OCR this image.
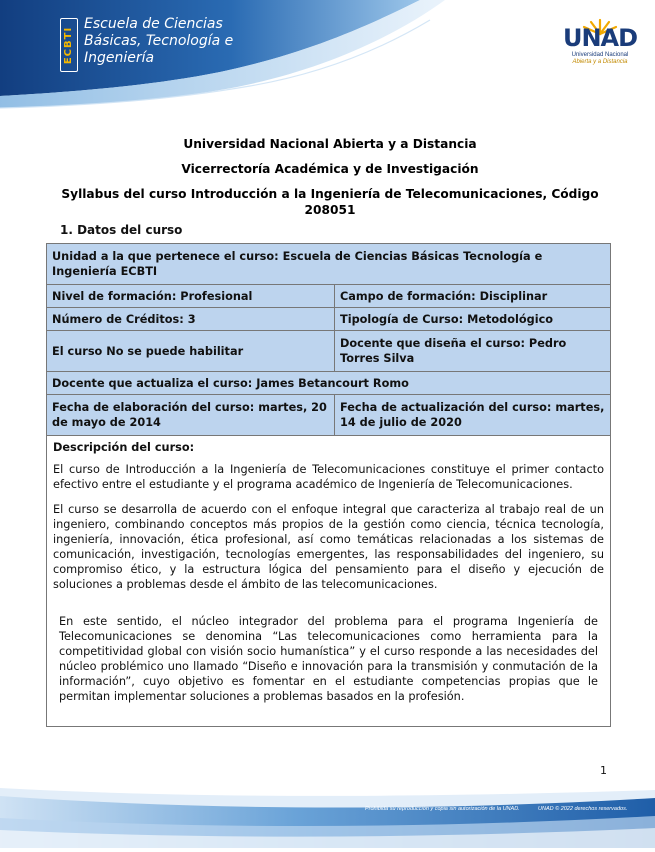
ECBTI
Escuela de Ciencias
Básicas, Tecnología e
Ingeniería
UNAD
Universidad Nacional
Abierta y a Distancia
Universidad Nacional Abierta y a Distancia
Vicerrectoría Académica y de Investigación
Syllabus del curso Introducción a la Ingeniería de Telecomunicaciones, Código 208051
1. Datos del curso
Unidad a la que pertenece el curso: Escuela de Ciencias Básicas Tecnología e Ingeniería ECBTI	
Nivel de formación: Profesional	Campo de formación: Disciplinar
Número de Créditos: 3	Tipología de Curso: Metodológico
El curso No se puede habilitar	Docente que diseña el curso: Pedro Torres Silva
Docente que actualiza el curso: James Betancourt Romo	
Fecha de elaboración del curso: martes, 20 de mayo de 2014	Fecha de actualización del curso: martes, 14 de julio de 2020

Descripción del curso:

El curso de Introducción a la Ingeniería de Telecomunicaciones constituye el primer contacto efectivo entre el estudiante y el programa académico de Ingeniería de Telecomunicaciones.

El curso se desarrolla de acuerdo con el enfoque integral que caracteriza al trabajo real de un ingeniero, combinando conceptos más propios de la gestión como ciencia, técnica tecnología, ingeniería, innovación, ética profesional, así como temáticas relacionadas a los sistemas de comunicación, investigación, tecnologías emergentes, las responsabilidades del ingeniero, su compromiso ético, y la estructura lógica del pensamiento para el diseño y ejecución de soluciones a problemas desde el ámbito de las telecomunicaciones.

En este sentido, el núcleo integrador del problema para el programa Ingeniería de Telecomunicaciones se denomina “Las telecomunicaciones como herramienta para la competitividad global con visión socio humanística” y el curso responde a las necesidades del núcleo problémico uno llamado “Diseño e innovación para la transmisión y conmutación de la información”, cuyo objetivo es fomentar en el estudiante competencias propias que le permitan implementar soluciones a problemas basados en la profesión.	

1
Prohibida su reproducción y copia sin autorización de la UNAD.	UNAD © 2022 derechos reservados.
